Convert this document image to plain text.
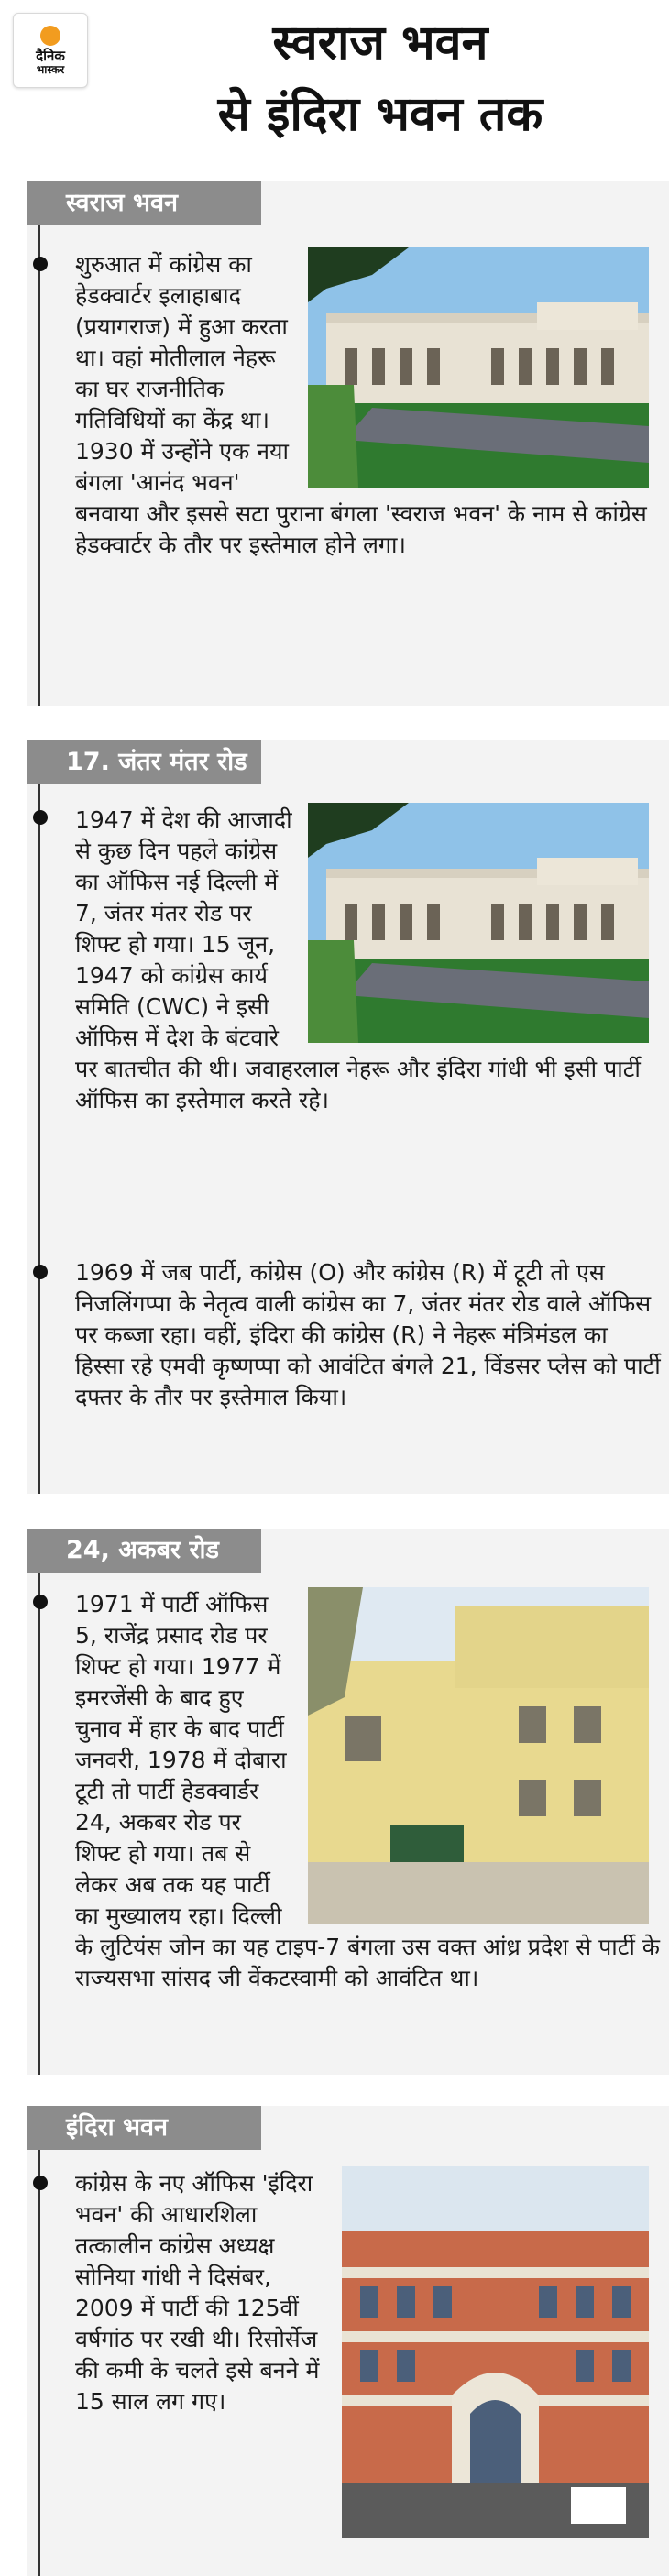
दैनिक
भास्कर	स्वराज भवन
से इंदिरा भवन तक
स्वराज भवन
शुरुआत में कांग्रेस का हेडक्वार्टर इलाहाबाद (प्रयागराज) में हुआ करता था। वहां मोतीलाल नेहरू का घर राजनीतिक गतिविधियों का केंद्र था। 1930 में उन्होंने एक नया बंगला 'आनंद भवन' बनवाया और इससे सटा पुराना बंगला 'स्वराज भवन' के नाम से कांग्रेस हेडक्वार्टर के तौर पर इस्तेमाल होने लगा।
17. जंतर मंतर रोड
1947 में देश की आजादी से कुछ दिन पहले कांग्रेस का ऑफिस नई दिल्ली में 7, जंतर मंतर रोड पर शिफ्ट हो गया। 15 जून, 1947 को कांग्रेस कार्य समिति (CWC) ने इसी ऑफिस में देश के बंटवारे पर बातचीत की थी। जवाहरलाल नेहरू और इंदिरा गांधी भी इसी पार्टी ऑफिस का इस्तेमाल करते रहे।
1969 में जब पार्टी, कांग्रेस (O) और कांग्रेस (R) में टूटी तो एस निजलिंगप्पा के नेतृत्व वाली कांग्रेस का 7, जंतर मंतर रोड वाले ऑफिस पर कब्जा रहा। वहीं, इंदिरा की कांग्रेस (R) ने नेहरू मंत्रिमंडल का हिस्सा रहे एमवी कृष्णप्पा को आवंटित बंगले 21, विंडसर प्लेस को पार्टी दफ्तर के तौर पर इस्तेमाल किया।
24, अकबर रोड
1971 में पार्टी ऑफिस 5, राजेंद्र प्रसाद रोड पर शिफ्ट हो गया। 1977 में इमरजेंसी के बाद हुए चुनाव में हार के बाद पार्टी जनवरी, 1978 में दोबारा टूटी तो पार्टी हेडक्वार्डर 24, अकबर रोड पर शिफ्ट हो गया। तब से लेकर अब तक यह पार्टी का मुख्यालय रहा। दिल्ली के लुटियंस जोन का यह टाइप-7 बंगला उस वक्त आंध्र प्रदेश से पार्टी के राज्यसभा सांसद जी वेंकटस्वामी को आवंटित था।
इंदिरा भवन
कांग्रेस के नए ऑफिस 'इंदिरा भवन' की आधारशिला तत्कालीन कांग्रेस अध्यक्ष सोनिया गांधी ने दिसंबर, 2009 में पार्टी की 125वीं वर्षगांठ पर रखी थी। रिसोर्सेज की कमी के चलते इसे बनने में 15 साल लग गए।
